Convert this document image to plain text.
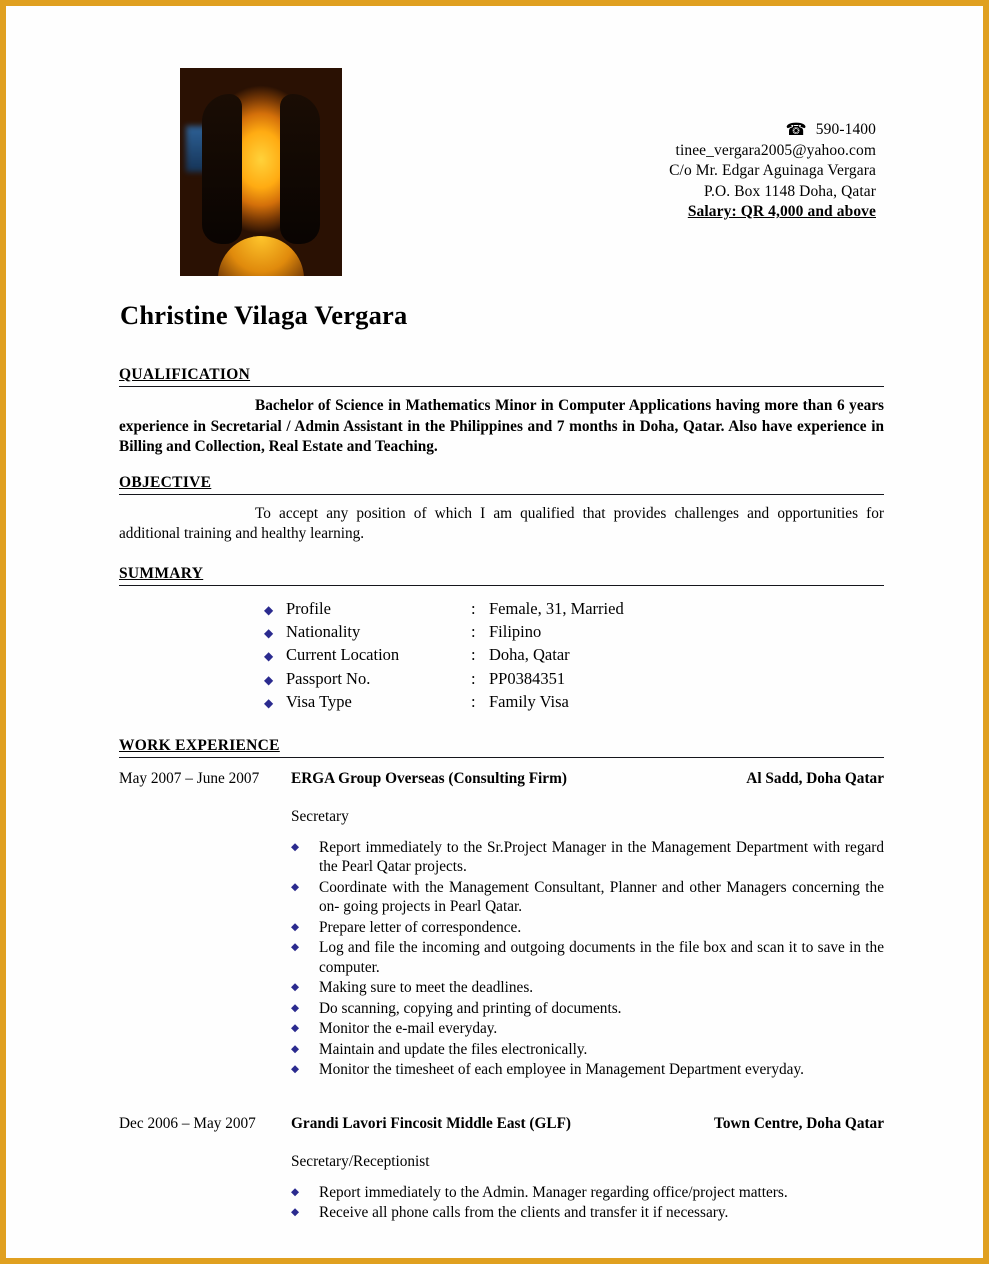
☎ 590-1400
tinee_vergara2005@yahoo.com
C/o Mr. Edgar Aguinaga Vergara
P.O. Box 1148 Doha, Qatar
Salary: QR 4,000 and above
Christine Vilaga Vergara
QUALIFICATION
Bachelor of Science in Mathematics Minor in Computer Applications having more than 6 years experience in Secretarial / Admin Assistant in the Philippines and 7 months in Doha, Qatar. Also have experience in Billing and Collection, Real Estate and Teaching.
OBJECTIVE
To accept any position of which I am qualified that provides challenges and opportunities for additional training and healthy learning.
SUMMARY
◆ Profile	: Female, 31, Married
◆ Nationality	: Filipino
◆ Current Location	: Doha, Qatar
◆ Passport No.	: PP0384351
◆ Visa Type	: Family Visa
WORK EXPERIENCE
May 2007 – June 2007	ERGA Group Overseas (Consulting Firm)	Al Sadd, Doha Qatar
Secretary
◆	Report immediately to the Sr.Project Manager in the Management Department with regard the Pearl Qatar projects.
◆	Coordinate with the Management Consultant, Planner and other Managers concerning the on- going projects in Pearl Qatar.
◆	Prepare letter of correspondence.
◆	Log and file the incoming and outgoing documents in the file box and scan it to save in the computer.
◆	Making sure to meet the deadlines.
◆	Do scanning, copying and printing of documents.
◆	Monitor the e-mail everyday.
◆	Maintain and update the files electronically.
◆	Monitor the timesheet of each employee in Management Department everyday.
Dec 2006 – May 2007	Grandi Lavori Fincosit Middle East (GLF)	Town Centre, Doha Qatar
Secretary/Receptionist
◆	Report immediately to the Admin. Manager regarding office/project matters.
◆	Receive all phone calls from the clients and transfer it if necessary.
